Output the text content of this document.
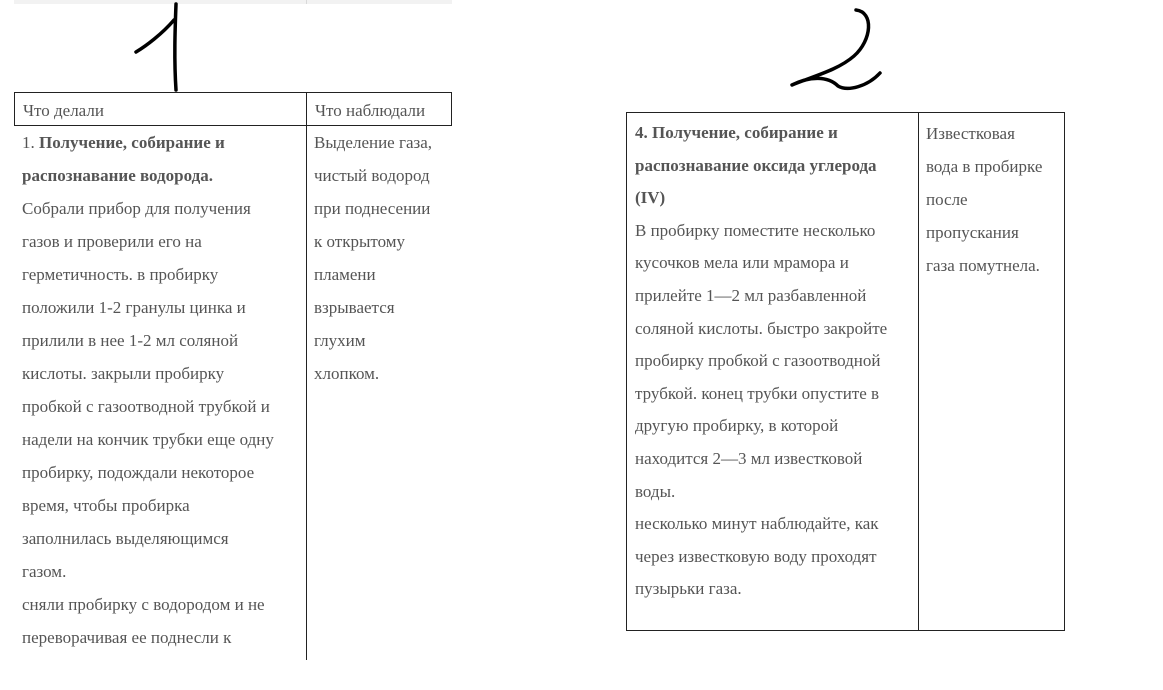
Что делали	Что наблюдали
1. Получение, собирание и
распознавание водорода.
Собрали прибор для получения
газов и проверили его на
герметичность. в пробирку
положили 1-2 гранулы цинка и
прилили в нее 1-2 мл соляной
кислоты. закрыли пробирку
пробкой с газоотводной трубкой и
надели на кончик трубки еще одну
пробирку, подождали некоторое
время, чтобы пробирка
заполнилась выделяющимся
газом.
сняли пробирку с водородом и не
переворачивая ее поднесли к
Выделение газа,
чистый водород
при поднесении
к открытому
пламени
взрывается
глухим
хлопком.
4. Получение, собирание и
распознавание оксида углерода
(IV)
В пробирку поместите несколько
кусочков мела или мрамора и
прилейте 1—2 мл разбавленной
соляной кислоты. быстро закройте
пробирку пробкой с газоотводной
трубкой. конец трубки опустите в
другую пробирку, в которой
находится 2—3 мл известковой
воды.
несколько минут наблюдайте, как
через известковую воду проходят
пузырьки газа.
Известковая
вода в пробирке
после
пропускания
газа помутнела.
